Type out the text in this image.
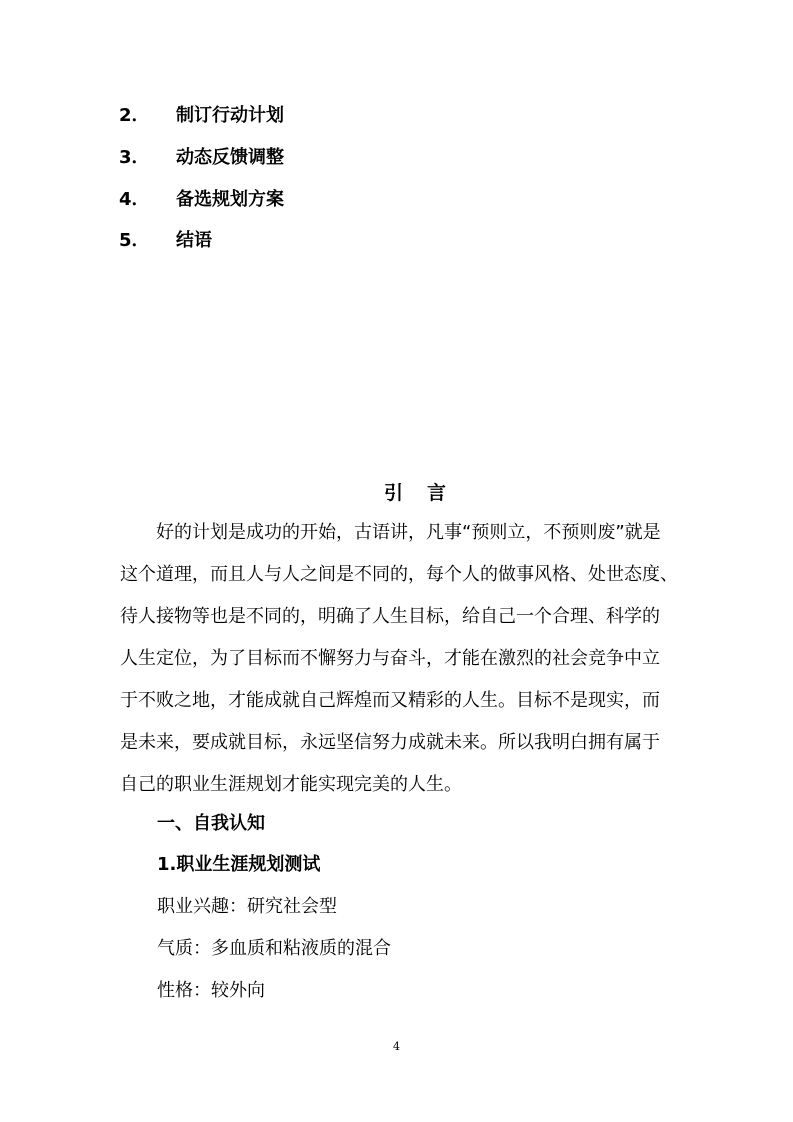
2． 制订行动计划
3． 动态反馈调整
4． 备选规划方案
5． 结语
引 言
　　好的计划是成功的开始，古语讲，凡事“预则立，不预则废”就是
这个道理，而且人与人之间是不同的，每个人的做事风格、处世态度、
待人接物等也是不同的，明确了人生目标，给自己一个合理、科学的
人生定位，为了目标而不懈努力与奋斗，才能在激烈的社会竞争中立
于不败之地，才能成就自己辉煌而又精彩的人生。目标不是现实，而
是未来，要成就目标，永远坚信努力成就未来。所以我明白拥有属于
自己的职业生涯规划才能实现完美的人生。
一、自我认知
1.职业生涯规划测试
职业兴趣：研究社会型
气质：多血质和粘液质的混合
性格：较外向
4
